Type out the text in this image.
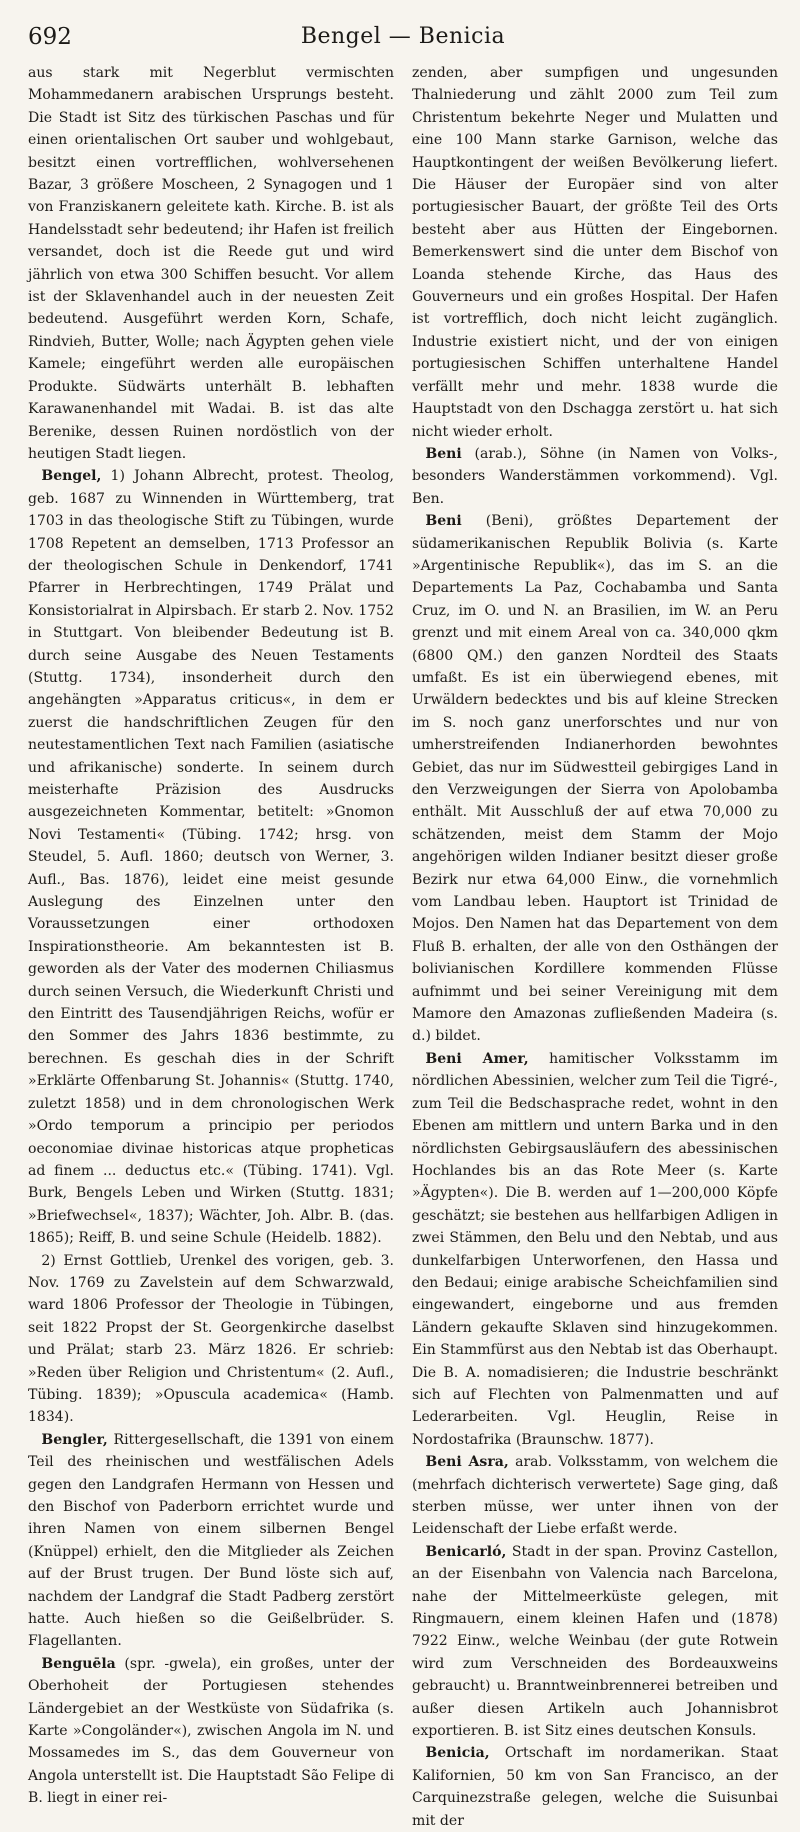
692	Bengel — Benicia

aus stark mit Negerblut vermischten Mohammedanern arabischen Ursprungs besteht. Die Stadt ist Sitz des türkischen Paschas und für einen orientalischen Ort sauber und wohlgebaut, besitzt einen vortrefflichen, wohlversehenen Bazar, 3 größere Moscheen, 2 Synagogen und 1 von Franziskanern geleitete kath. Kirche. B. ist als Handelsstadt sehr bedeutend; ihr Hafen ist freilich versandet, doch ist die Reede gut und wird jährlich von etwa 300 Schiffen besucht. Vor allem ist der Sklavenhandel auch in der neuesten Zeit bedeutend. Ausgeführt werden Korn, Schafe, Rindvieh, Butter, Wolle; nach Ägypten gehen viele Kamele; eingeführt werden alle europäischen Produkte. Südwärts unterhält B. lebhaften Karawanenhandel mit Wadai. B. ist das alte Berenike, dessen Ruinen nordöstlich von der heutigen Stadt liegen.

Bengel, 1) Johann Albrecht, protest. Theolog, geb. 1687 zu Winnenden in Württemberg, trat 1703 in das theologische Stift zu Tübingen, wurde 1708 Repetent an demselben, 1713 Professor an der theologischen Schule in Denkendorf, 1741 Pfarrer in Herbrechtingen, 1749 Prälat und Konsistorialrat in Alpirsbach. Er starb 2. Nov. 1752 in Stuttgart. Von bleibender Bedeutung ist B. durch seine Ausgabe des Neuen Testaments (Stuttg. 1734), insonderheit durch den angehängten »Apparatus criticus«, in dem er zuerst die handschriftlichen Zeugen für den neutestamentlichen Text nach Familien (asiatische und afrikanische) sonderte. In seinem durch meisterhafte Präzision des Ausdrucks ausgezeichneten Kommentar, betitelt: »Gnomon Novi Testamenti« (Tübing. 1742; hrsg. von Steudel, 5. Aufl. 1860; deutsch von Werner, 3. Aufl., Bas. 1876), leidet eine meist gesunde Auslegung des Einzelnen unter den Voraussetzungen einer orthodoxen Inspirationstheorie. Am bekanntesten ist B. geworden als der Vater des modernen Chiliasmus durch seinen Versuch, die Wiederkunft Christi und den Eintritt des Tausendjährigen Reichs, wofür er den Sommer des Jahrs 1836 bestimmte, zu berechnen. Es geschah dies in der Schrift »Erklärte Offenbarung St. Johannis« (Stuttg. 1740, zuletzt 1858) und in dem chronologischen Werk »Ordo temporum a principio per periodos oeconomiae divinae historicas atque propheticas ad finem ... deductus etc.« (Tübing. 1741). Vgl. Burk, Bengels Leben und Wirken (Stuttg. 1831; »Briefwechsel«, 1837); Wächter, Joh. Albr. B. (das. 1865); Reiff, B. und seine Schule (Heidelb. 1882).

2) Ernst Gottlieb, Urenkel des vorigen, geb. 3. Nov. 1769 zu Zavelstein auf dem Schwarzwald, ward 1806 Professor der Theologie in Tübingen, seit 1822 Propst der St. Georgenkirche daselbst und Prälat; starb 23. März 1826. Er schrieb: »Reden über Religion und Christentum« (2. Aufl., Tübing. 1839); »Opuscula academica« (Hamb. 1834).

Bengler, Rittergesellschaft, die 1391 von einem Teil des rheinischen und westfälischen Adels gegen den Landgrafen Hermann von Hessen und den Bischof von Paderborn errichtet wurde und ihren Namen von einem silbernen Bengel (Knüppel) erhielt, den die Mitglieder als Zeichen auf der Brust trugen. Der Bund löste sich auf, nachdem der Landgraf die Stadt Padberg zerstört hatte. Auch hießen so die Geißelbrüder. S. Flagellanten.

Benguēla (spr. -gwela), ein großes, unter der Oberhoheit der Portugiesen stehendes Ländergebiet an der Westküste von Südafrika (s. Karte »Congoländer«), zwischen Angola im N. und Mossamedes im S., das dem Gouverneur von Angola unterstellt ist. Die Hauptstadt São Felipe di B. liegt in einer rei-

zenden, aber sumpfigen und ungesunden Thalniederung und zählt 2000 zum Teil zum Christentum bekehrte Neger und Mulatten und eine 100 Mann starke Garnison, welche das Hauptkontingent der weißen Bevölkerung liefert. Die Häuser der Europäer sind von alter portugiesischer Bauart, der größte Teil des Orts besteht aber aus Hütten der Eingebornen. Bemerkenswert sind die unter dem Bischof von Loanda stehende Kirche, das Haus des Gouverneurs und ein großes Hospital. Der Hafen ist vortrefflich, doch nicht leicht zugänglich. Industrie existiert nicht, und der von einigen portugiesischen Schiffen unterhaltene Handel verfällt mehr und mehr. 1838 wurde die Hauptstadt von den Dschagga zerstört u. hat sich nicht wieder erholt.

Beni (arab.), Söhne (in Namen von Volks-, besonders Wanderstämmen vorkommend). Vgl. Ben.

Beni (Beni), größtes Departement der südamerikanischen Republik Bolivia (s. Karte »Argentinische Republik«), das im S. an die Departements La Paz, Cochabamba und Santa Cruz, im O. und N. an Brasilien, im W. an Peru grenzt und mit einem Areal von ca. 340,000 qkm (6800 QM.) den ganzen Nordteil des Staats umfaßt. Es ist ein überwiegend ebenes, mit Urwäldern bedecktes und bis auf kleine Strecken im S. noch ganz unerforschtes und nur von umherstreifenden Indianerhorden bewohntes Gebiet, das nur im Südwestteil gebirgiges Land in den Verzweigungen der Sierra von Apolobamba enthält. Mit Ausschluß der auf etwa 70,000 zu schätzenden, meist dem Stamm der Mojo angehörigen wilden Indianer besitzt dieser große Bezirk nur etwa 64,000 Einw., die vornehmlich vom Landbau leben. Hauptort ist Trinidad de Mojos. Den Namen hat das Departement von dem Fluß B. erhalten, der alle von den Osthängen der bolivianischen Kordillere kommenden Flüsse aufnimmt und bei seiner Vereinigung mit dem Mamore den Amazonas zufließenden Madeira (s. d.) bildet.

Beni Amer, hamitischer Volksstamm im nördlichen Abessinien, welcher zum Teil die Tigré-, zum Teil die Bedschasprache redet, wohnt in den Ebenen am mittlern und untern Barka und in den nördlichsten Gebirgsausläufern des abessinischen Hochlandes bis an das Rote Meer (s. Karte »Ägypten«). Die B. werden auf 1—200,000 Köpfe geschätzt; sie bestehen aus hellfarbigen Adligen in zwei Stämmen, den Belu und den Nebtab, und aus dunkelfarbigen Unterworfenen, den Hassa und den Bedaui; einige arabische Scheichfamilien sind eingewandert, eingeborne und aus fremden Ländern gekaufte Sklaven sind hinzugekommen. Ein Stammfürst aus den Nebtab ist das Oberhaupt. Die B. A. nomadisieren; die Industrie beschränkt sich auf Flechten von Palmenmatten und auf Lederarbeiten. Vgl. Heuglin, Reise in Nordostafrika (Braunschw. 1877).

Beni Asra, arab. Volksstamm, von welchem die (mehrfach dichterisch verwertete) Sage ging, daß sterben müsse, wer unter ihnen von der Leidenschaft der Liebe erfaßt werde.

Benicarló, Stadt in der span. Provinz Castellon, an der Eisenbahn von Valencia nach Barcelona, nahe der Mittelmeerküste gelegen, mit Ringmauern, einem kleinen Hafen und (1878) 7922 Einw., welche Weinbau (der gute Rotwein wird zum Verschneiden des Bordeauxweins gebraucht) u. Branntweinbrennerei betreiben und außer diesen Artikeln auch Johannisbrot exportieren. B. ist Sitz eines deutschen Konsuls.

Benicia, Ortschaft im nordamerikan. Staat Kalifornien, 50 km von San Francisco, an der Carquinezstraße gelegen, welche die Suisunbai mit der
